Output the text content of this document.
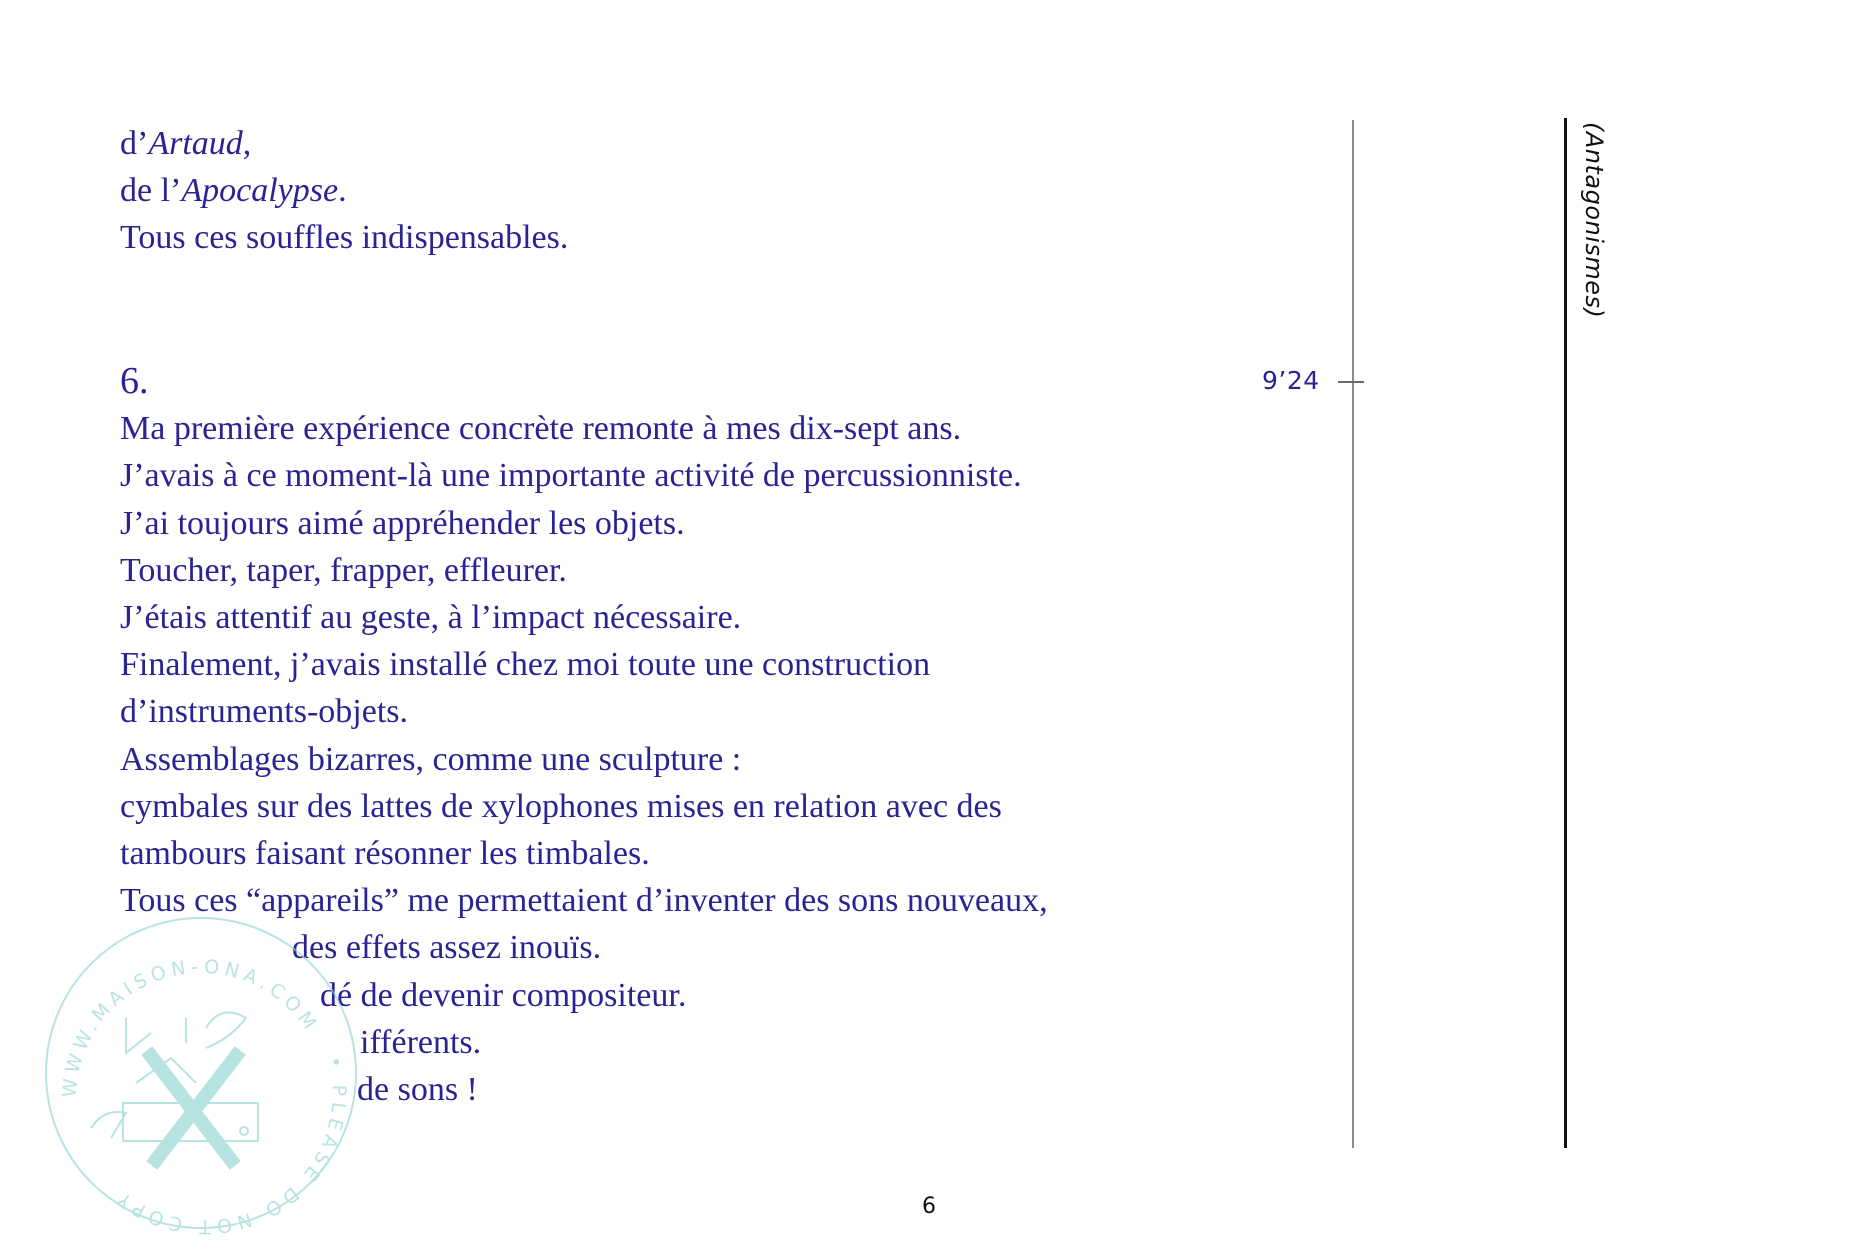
d’Artaud,
de l’Apocalypse.
Tous ces souffles indispensables.
6.
Ma première expérience concrète remonte à mes dix-sept ans.
J’avais à ce moment-là une importante activité de percussionniste.
J’ai toujours aimé appréhender les objets.
Toucher, taper, frapper, effleurer.
J’étais attentif au geste, à l’impact nécessaire.
Finalement, j’avais installé chez moi toute une construction
d’instruments-objets.
Assemblages bizarres, comme une sculpture :
cymbales sur des lattes de xylophones mises en relation avec des
tambours faisant résonner les timbales.
Tous ces “appareils” me permettaient d’inventer des sons nouveaux,
des effets assez inouïs.
dé de devenir compositeur.
ifférents.
de sons !
9’24
(Antagonismes)
6
WWW.MAISON-ONA.COM
• PLEASE DO NOT COPY
